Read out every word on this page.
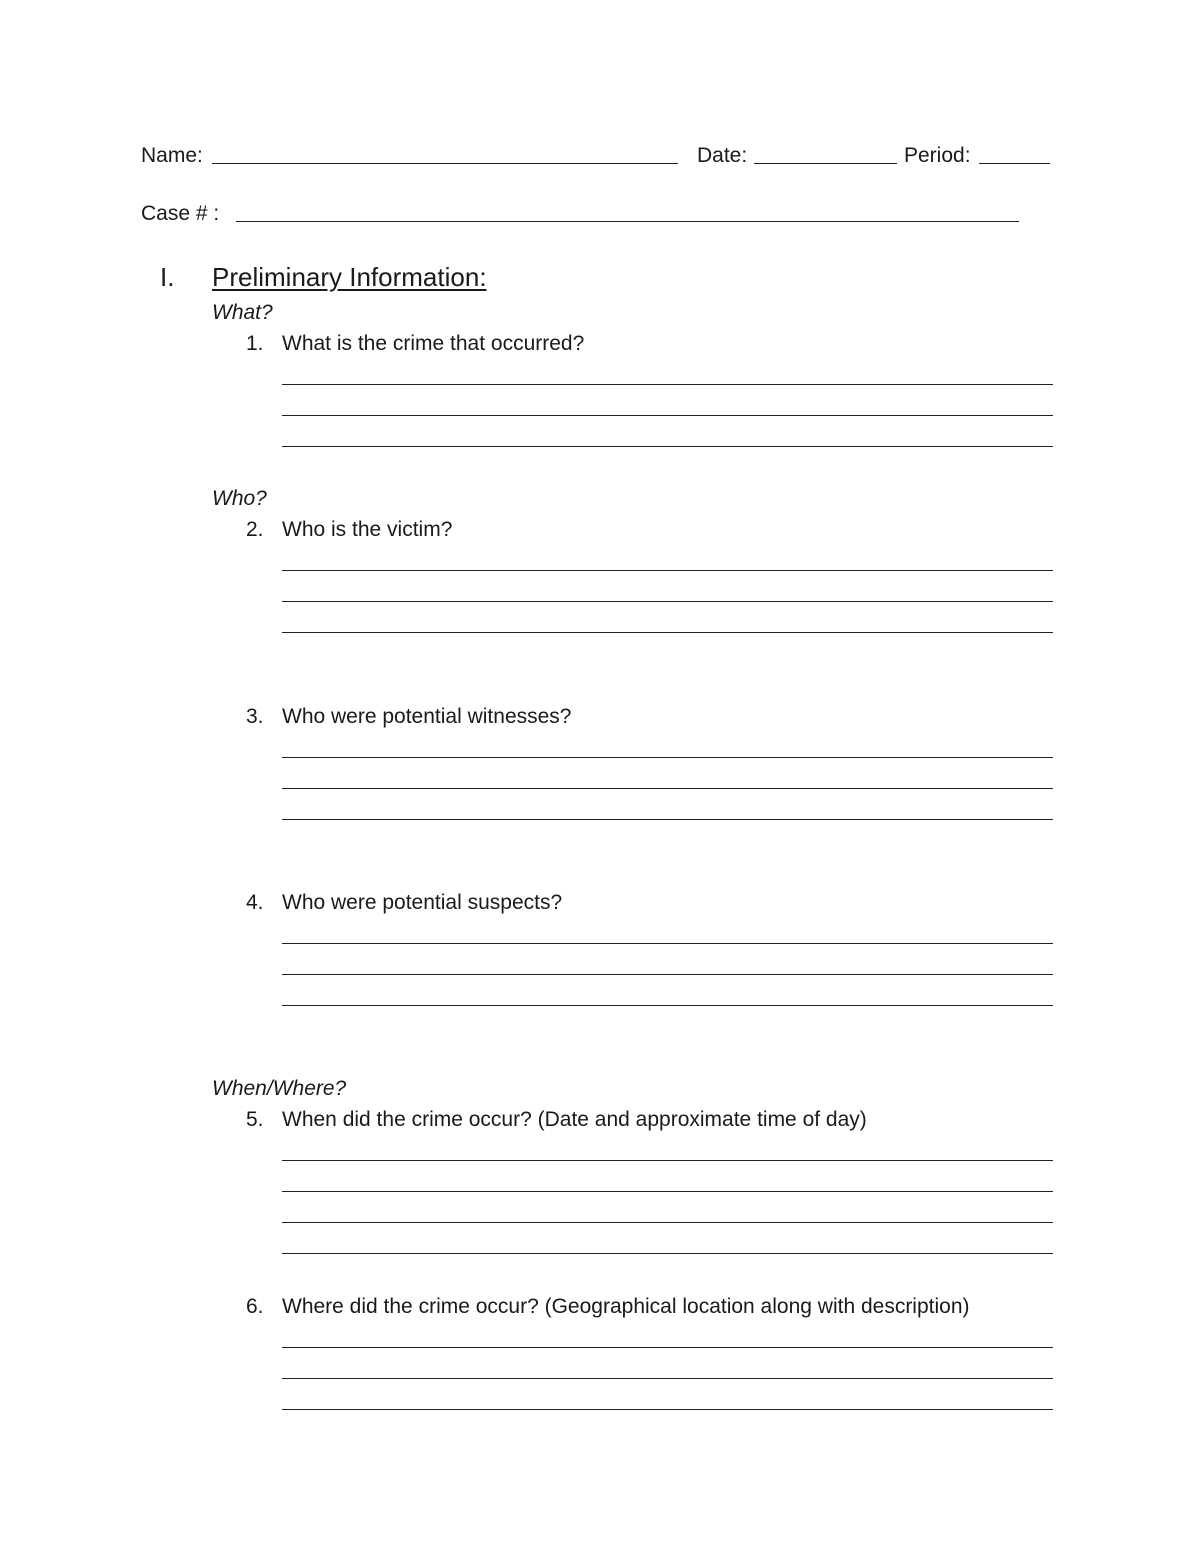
Name:	Date:	Period:
Case # :
I. Preliminary Information:
What?
1. What is the crime that occurred?
Who?
2. Who is the victim?
3. Who were potential witnesses?
4. Who were potential suspects?
When/Where?
5. When did the crime occur? (Date and approximate time of day)
6. Where did the crime occur? (Geographical location along with description)
